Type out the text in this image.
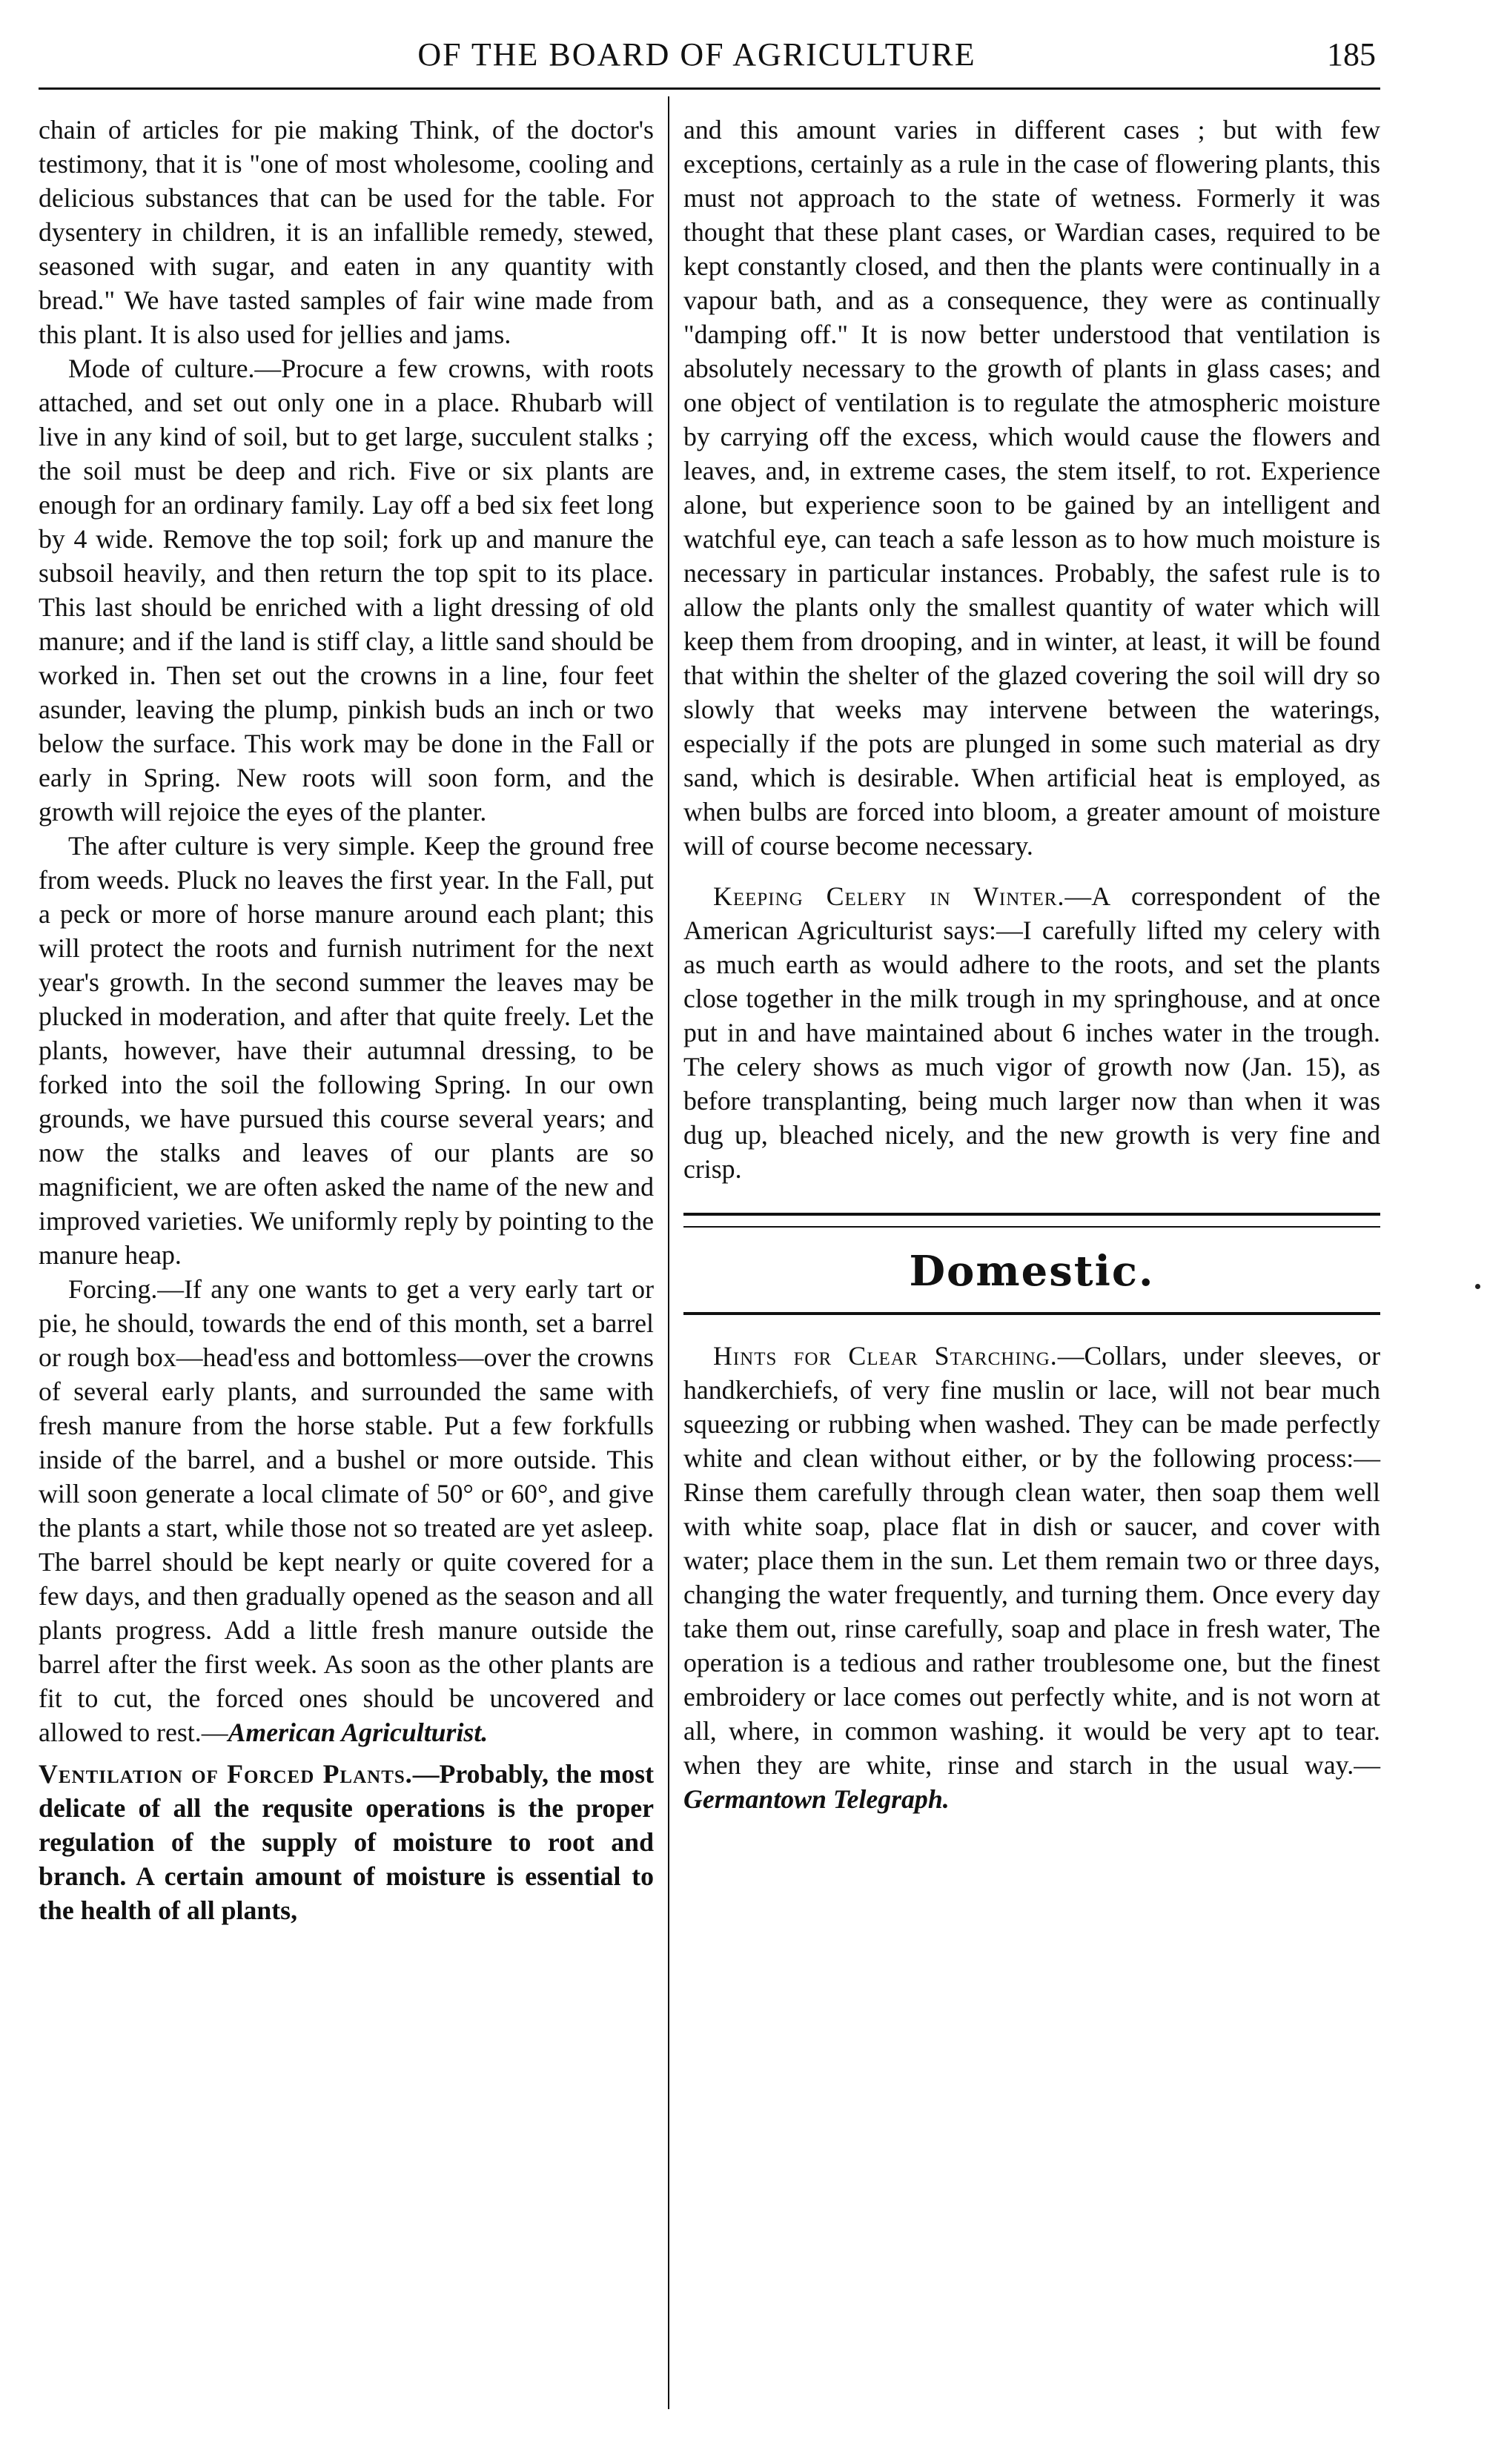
OF THE BOARD OF AGRICULTURE	185

chain of articles for pie making Think, of the doctor's testimony, that it is "one of most wholesome, cooling and delicious substances that can be used for the table. For dysentery in children, it is an infallible remedy, stewed, seasoned with sugar, and eaten in any quantity with bread." We have tasted samples of fair wine made from this plant. It is also used for jellies and jams.

Mode of culture.—Procure a few crowns, with roots attached, and set out only one in a place. Rhubarb will live in any kind of soil, but to get large, succulent stalks ; the soil must be deep and rich. Five or six plants are enough for an ordinary family. Lay off a bed six feet long by 4 wide. Remove the top soil; fork up and manure the subsoil heavily, and then return the top spit to its place. This last should be enriched with a light dressing of old manure; and if the land is stiff clay, a little sand should be worked in. Then set out the crowns in a line, four feet asunder, leaving the plump, pinkish buds an inch or two below the surface. This work may be done in the Fall or early in Spring. New roots will soon form, and the growth will rejoice the eyes of the planter.

The after culture is very simple. Keep the ground free from weeds. Pluck no leaves the first year. In the Fall, put a peck or more of horse manure around each plant; this will protect the roots and furnish nutriment for the next year's growth. In the second summer the leaves may be plucked in moderation, and after that quite freely. Let the plants, however, have their autumnal dressing, to be forked into the soil the following Spring. In our own grounds, we have pursued this course several years; and now the stalks and leaves of our plants are so magnificient, we are often asked the name of the new and improved varieties. We uniformly reply by pointing to the manure heap.

Forcing.—If any one wants to get a very early tart or pie, he should, towards the end of this month, set a barrel or rough box—head'ess and bottomless—over the crowns of several early plants, and surrounded the same with fresh manure from the horse stable. Put a few forkfulls inside of the barrel, and a bushel or more outside. This will soon generate a local climate of 50° or 60°, and give the plants a start, while those not so treated are yet asleep. The barrel should be kept nearly or quite covered for a few days, and then gradually opened as the season and all plants progress. Add a little fresh manure outside the barrel after the first week. As soon as the other plants are fit to cut, the forced ones should be uncovered and allowed to rest.—American Agriculturist.

Ventilation of Forced Plants.—Probably, the most delicate of all the requsite operations is the proper regulation of the supply of moisture to root and branch. A certain amount of moisture is essential to the health of all plants,

and this amount varies in different cases ; but with few exceptions, certainly as a rule in the case of flowering plants, this must not approach to the state of wetness. Formerly it was thought that these plant cases, or Wardian cases, required to be kept constantly closed, and then the plants were continually in a vapour bath, and as a consequence, they were as continually "damping off." It is now better understood that ventilation is absolutely necessary to the growth of plants in glass cases; and one object of ventilation is to regulate the atmospheric moisture by carrying off the excess, which would cause the flowers and leaves, and, in extreme cases, the stem itself, to rot. Experience alone, but experience soon to be gained by an intelligent and watchful eye, can teach a safe lesson as to how much moisture is necessary in particular instances. Probably, the safest rule is to allow the plants only the smallest quantity of water which will keep them from drooping, and in winter, at least, it will be found that within the shelter of the glazed covering the soil will dry so slowly that weeks may intervene between the waterings, especially if the pots are plunged in some such material as dry sand, which is desirable. When artificial heat is employed, as when bulbs are forced into bloom, a greater amount of moisture will of course become necessary.

Keeping Celery in Winter.—A correspondent of the American Agriculturist says:—I carefully lifted my celery with as much earth as would adhere to the roots, and set the plants close together in the milk trough in my springhouse, and at once put in and have maintained about 6 inches water in the trough. The celery shows as much vigor of growth now (Jan. 15), as before transplanting, being much larger now than when it was dug up, bleached nicely, and the new growth is very fine and crisp.

Domestic.

Hints for Clear Starching.—Collars, under sleeves, or handkerchiefs, of very fine muslin or lace, will not bear much squeezing or rubbing when washed. They can be made perfectly white and clean without either, or by the following process:—Rinse them carefully through clean water, then soap them well with white soap, place flat in dish or saucer, and cover with water; place them in the sun. Let them remain two or three days, changing the water frequently, and turning them. Once every day take them out, rinse carefully, soap and place in fresh water, The operation is a tedious and rather troublesome one, but the finest embroidery or lace comes out perfectly white, and is not worn at all, where, in common washing. it would be very apt to tear. when they are white, rinse and starch in the usual way.—Germantown Telegraph.
